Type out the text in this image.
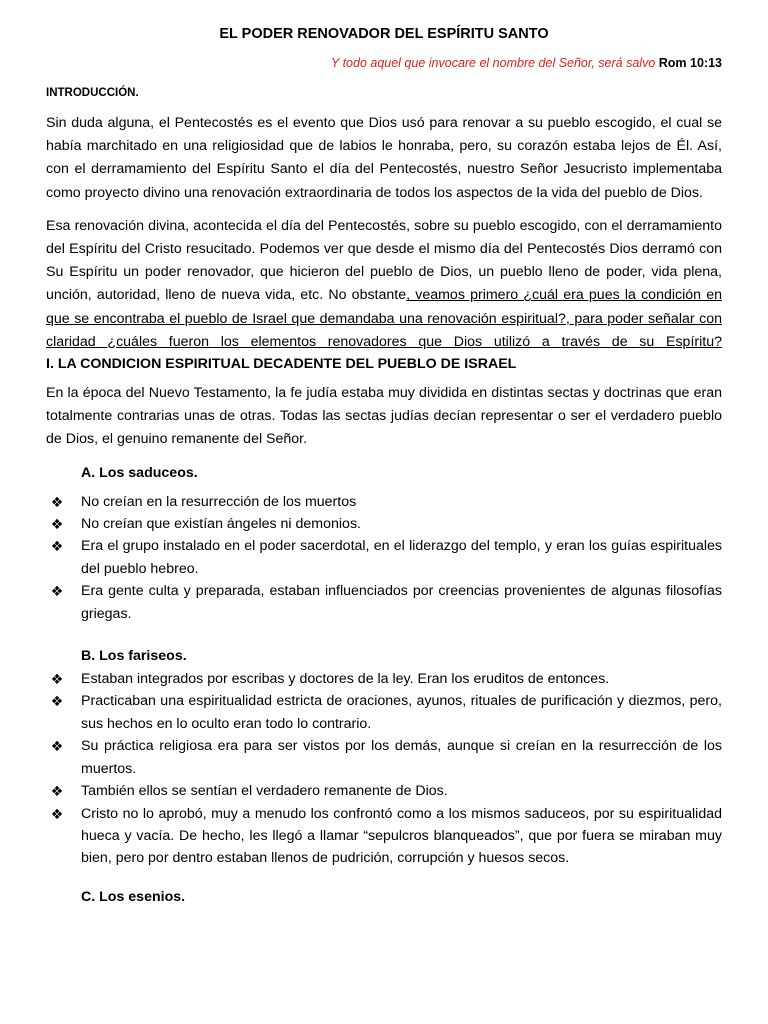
EL PODER RENOVADOR DEL ESPÍRITU SANTO

Y todo aquel que invocare el nombre del Señor, será salvo Rom 10:13

INTRODUCCIÓN.

Sin duda alguna, el Pentecostés es el evento que Dios usó para renovar a su pueblo escogido, el cual se había marchitado en una religiosidad que de labios le honraba, pero, su corazón estaba lejos de Él. Así, con el derramamiento del Espíritu Santo el día del Pentecostés, nuestro Señor Jesucristo implementaba como proyecto divino una renovación extraordinaria de todos los aspectos de la vida del pueblo de Dios.

Esa renovación divina, acontecida el día del Pentecostés, sobre su pueblo escogido, con el derramamiento del Espíritu del Cristo resucitado. Podemos ver que desde el mismo día del Pentecostés Dios derramó con Su Espíritu un poder renovador, que hicieron del pueblo de Dios, un pueblo lleno de poder, vida plena, unción, autoridad, lleno de nueva vida, etc. No obstante, veamos primero ¿cuál era pues la condición en que se encontraba el pueblo de Israel que demandaba una renovación espiritual?, para poder señalar con claridad ¿cuáles fueron los elementos renovadores que Dios utilizó a través de su Espíritu?

I. LA CONDICION ESPIRITUAL DECADENTE DEL PUEBLO DE ISRAEL

En la época del Nuevo Testamento, la fe judía estaba muy dividida en distintas sectas y doctrinas que eran totalmente contrarias unas de otras. Todas las sectas judías decían representar o ser el verdadero pueblo de Dios, el genuino remanente del Señor.

A. Los saduceos.

❖	No creían en la resurrección de los muertos
❖	No creían que existían ángeles ni demonios.
❖	Era el grupo instalado en el poder sacerdotal, en el liderazgo del templo, y eran los guías espirituales del pueblo hebreo.
❖	Era gente culta y preparada, estaban influenciados por creencias provenientes de algunas filosofías griegas.

B. Los fariseos.

❖	Estaban integrados por escribas y doctores de la ley. Eran los eruditos de entonces.
❖	Practicaban una espiritualidad estricta de oraciones, ayunos, rituales de purificación y diezmos, pero, sus hechos en lo oculto eran todo lo contrario.
❖	Su práctica religiosa era para ser vistos por los demás, aunque si creían en la resurrección de los muertos.
❖	También ellos se sentían el verdadero remanente de Dios.
❖	Cristo no lo aprobó, muy a menudo los confrontó como a los mismos saduceos, por su espiritualidad hueca y vacía. De hecho, les llegó a llamar “sepulcros blanqueados”, que por fuera se miraban muy bien, pero por dentro estaban llenos de pudrición, corrupción y huesos secos.

C. Los esenios.
